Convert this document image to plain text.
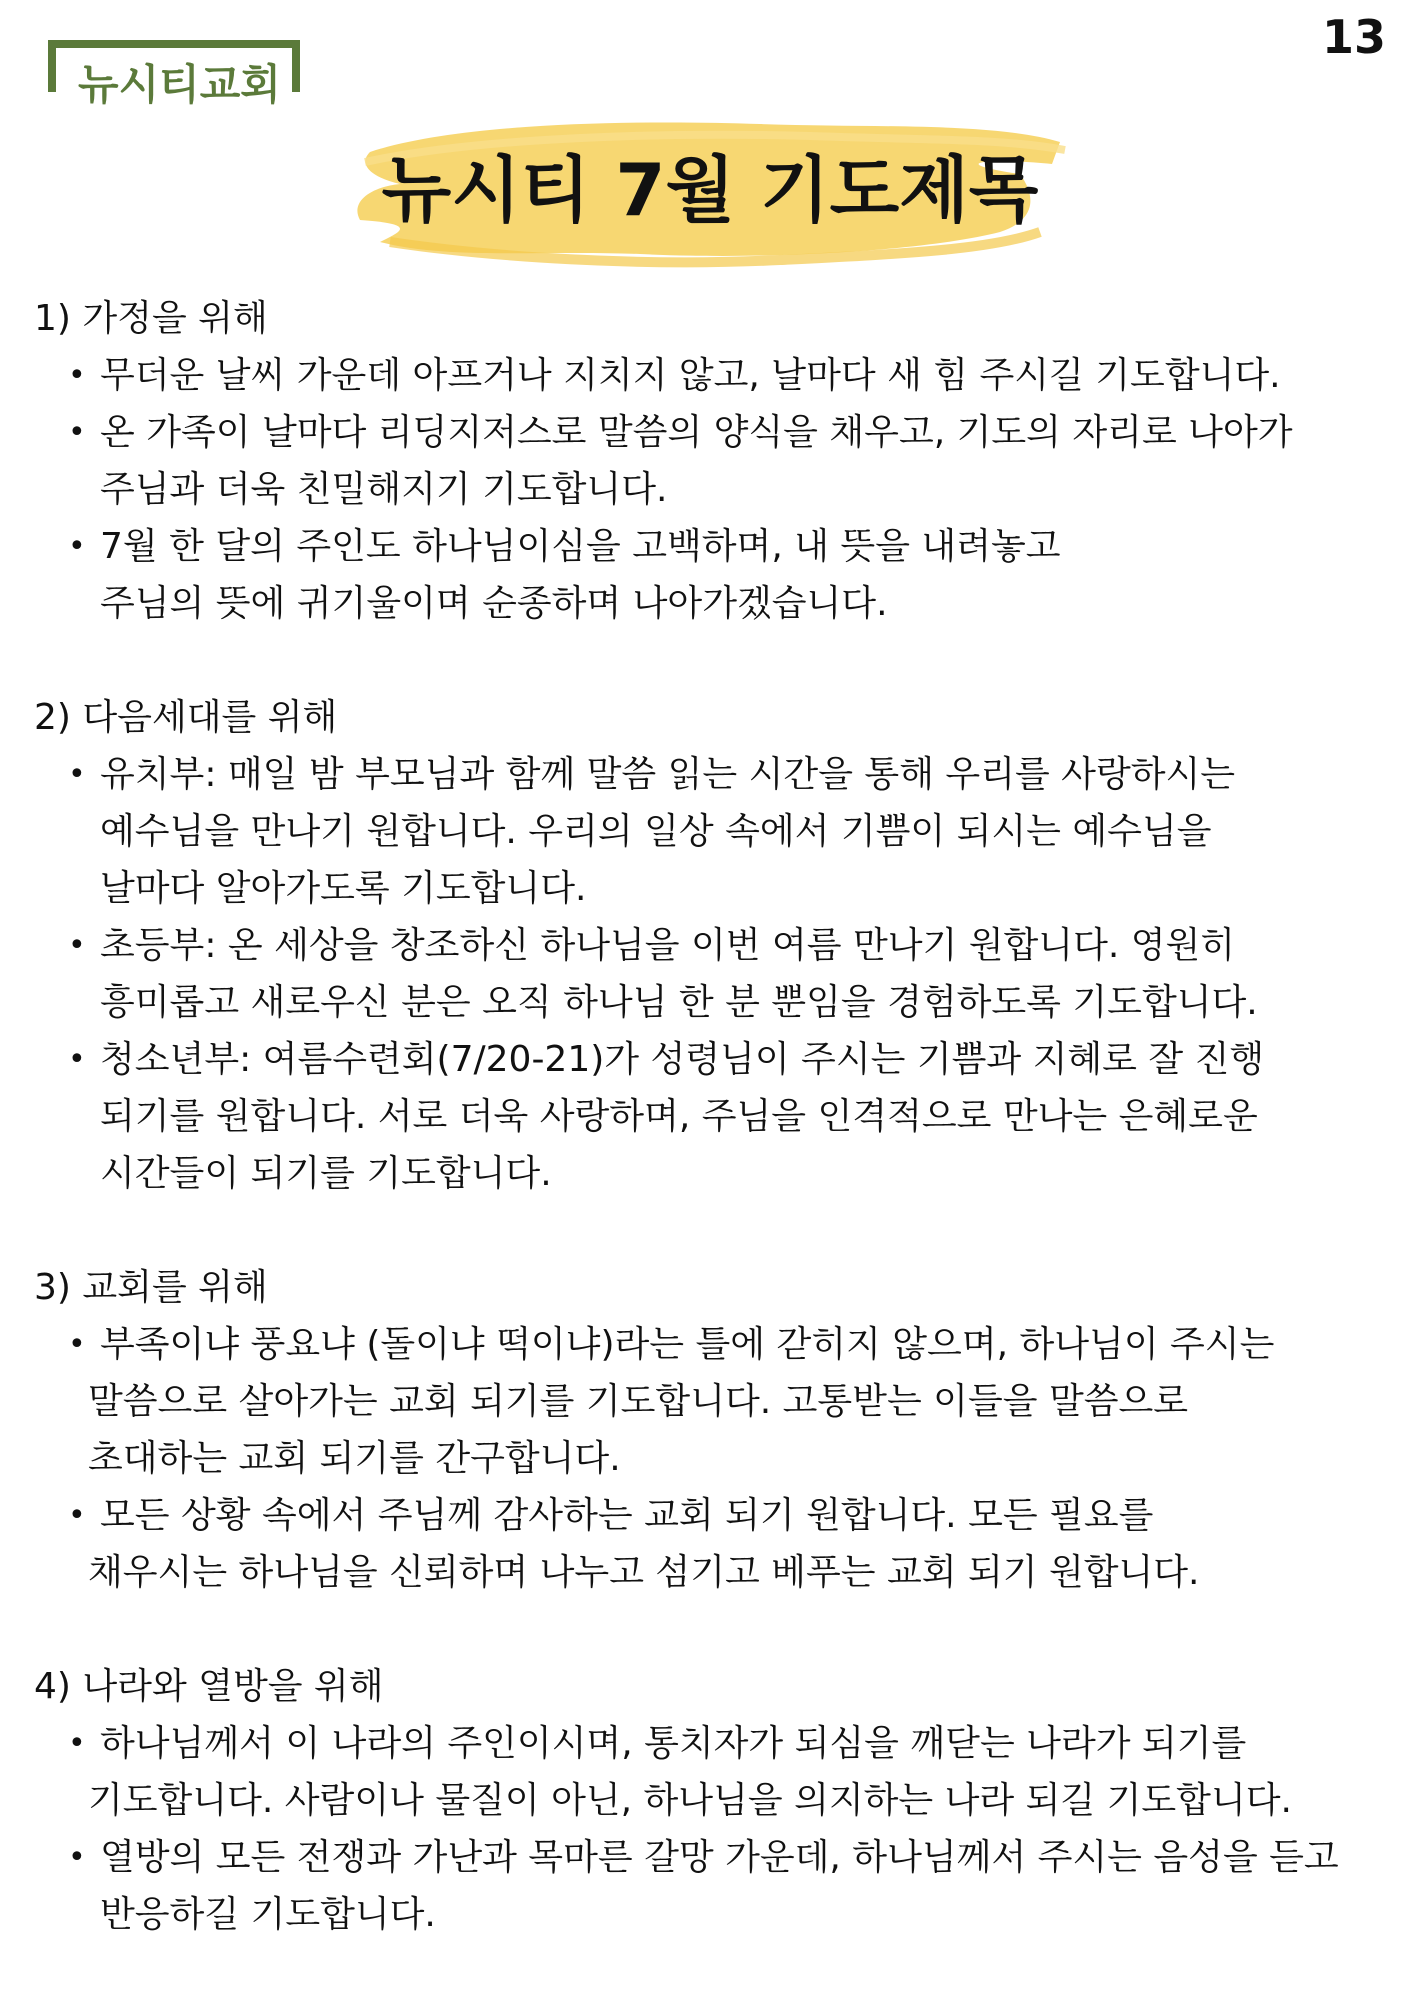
13
뉴시티교회
뉴시티 7월 기도제목
1) 가정을 위해
• 무더운 날씨 가운데 아프거나 지치지 않고, 날마다 새 힘 주시길 기도합니다.
• 온 가족이 날마다 리딩지저스로 말씀의 양식을 채우고, 기도의 자리로 나아가
주님과 더욱 친밀해지기 기도합니다.
• 7월 한 달의 주인도 하나님이심을 고백하며, 내 뜻을 내려놓고
주님의 뜻에 귀기울이며 순종하며 나아가겠습니다.
2) 다음세대를 위해
• 유치부: 매일 밤 부모님과 함께 말씀 읽는 시간을 통해 우리를 사랑하시는
예수님을 만나기 원합니다. 우리의 일상 속에서 기쁨이 되시는 예수님을
날마다 알아가도록 기도합니다.
• 초등부: 온 세상을 창조하신 하나님을 이번 여름 만나기 원합니다. 영원히
흥미롭고 새로우신 분은 오직 하나님 한 분 뿐임을 경험하도록 기도합니다.
• 청소년부: 여름수련회(7/20-21)가 성령님이 주시는 기쁨과 지혜로 잘 진행
되기를 원합니다. 서로 더욱 사랑하며, 주님을 인격적으로 만나는 은혜로운
시간들이 되기를 기도합니다.
3) 교회를 위해
• 부족이냐 풍요냐 (돌이냐 떡이냐)라는 틀에 갇히지 않으며, 하나님이 주시는
말씀으로 살아가는 교회 되기를 기도합니다. 고통받는 이들을 말씀으로
초대하는 교회 되기를 간구합니다.
• 모든 상황 속에서 주님께 감사하는 교회 되기 원합니다. 모든 필요를
채우시는 하나님을 신뢰하며 나누고 섬기고 베푸는 교회 되기 원합니다.
4) 나라와 열방을 위해
• 하나님께서 이 나라의 주인이시며, 통치자가 되심을 깨닫는 나라가 되기를
기도합니다. 사람이나 물질이 아닌, 하나님을 의지하는 나라 되길 기도합니다.
• 열방의 모든 전쟁과 가난과 목마른 갈망 가운데, 하나님께서 주시는 음성을 듣고
반응하길 기도합니다.
